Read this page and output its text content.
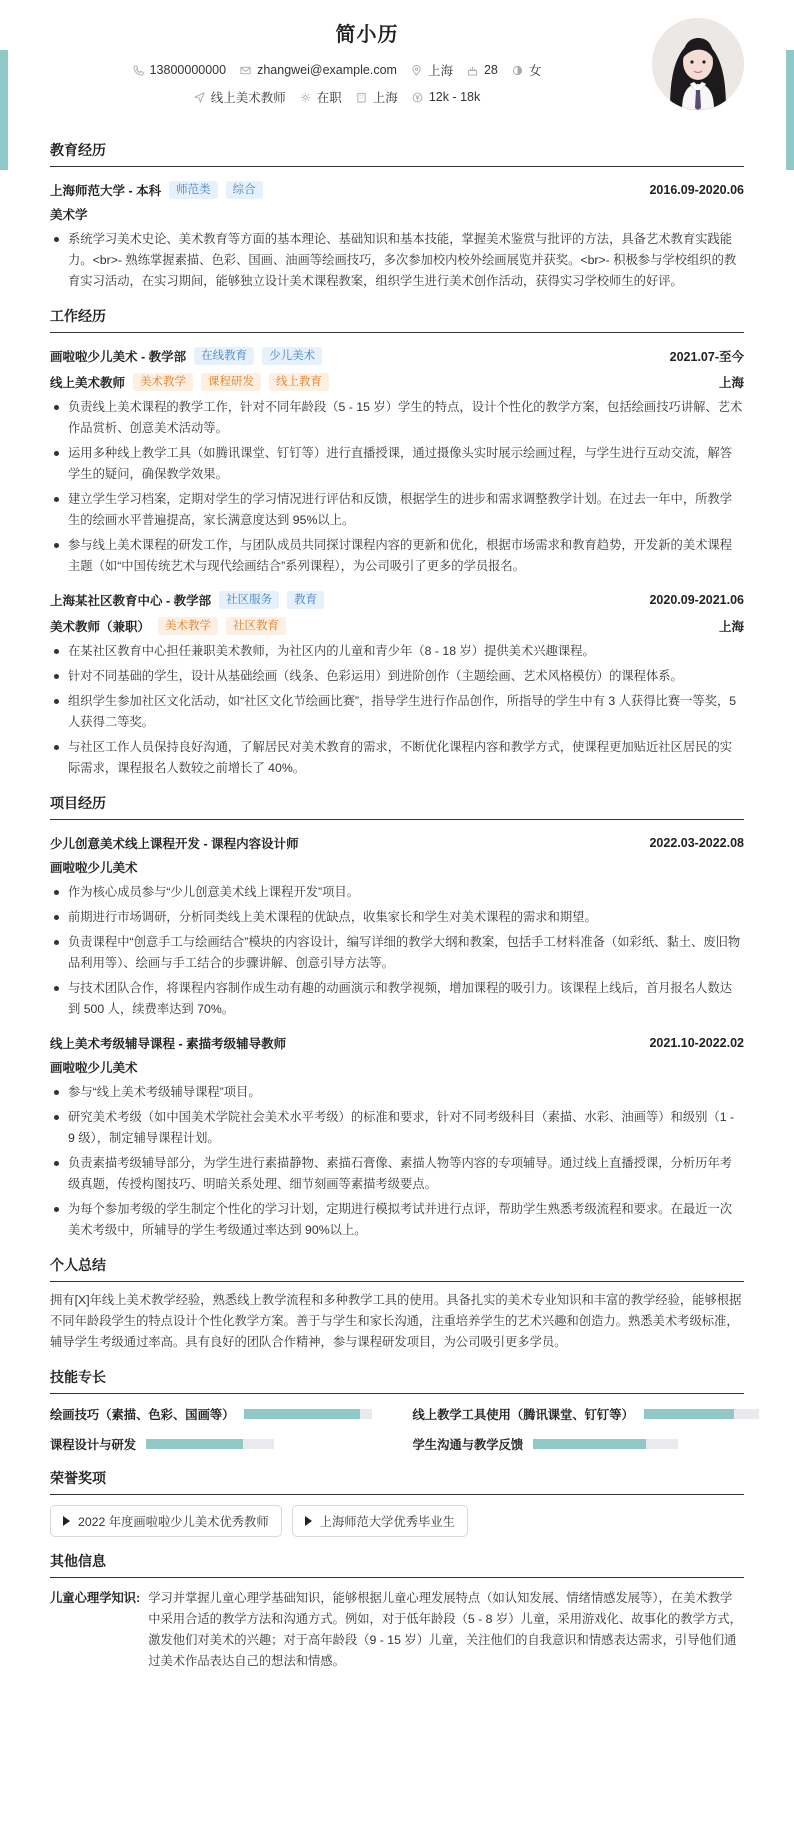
简小历
13800000000 zhangwei@example.com 上海 28 女
线上美术教师 在职 上海 12k - 18k
教育经历
上海师范大学 - 本科	师范类	综合	2016.09-2020.06
美术学
系统学习美术史论、美术教育等方面的基本理论、基础知识和基本技能，掌握美术鉴赏与批评的方法，具备艺术教育实践能力。<br>- 熟练掌握素描、色彩、国画、油画等绘画技巧，多次参加校内校外绘画展览并获奖。<br>- 积极参与学校组织的教育实习活动，在实习期间，能够独立设计美术课程教案，组织学生进行美术创作活动，获得实习学校师生的好评。
工作经历
画啦啦少儿美术 - 教学部	在线教育	少儿美术	2021.07-至今
线上美术教师	美术教学	课程研发	线上教育	上海
负责线上美术课程的教学工作，针对不同年龄段（5 - 15 岁）学生的特点，设计个性化的教学方案，包括绘画技巧讲解、艺术作品赏析、创意美术活动等。
运用多种线上教学工具（如腾讯课堂、钉钉等）进行直播授课，通过摄像头实时展示绘画过程，与学生进行互动交流，解答学生的疑问，确保教学效果。
建立学生学习档案，定期对学生的学习情况进行评估和反馈，根据学生的进步和需求调整教学计划。在过去一年中，所教学生的绘画水平普遍提高，家长满意度达到 95%以上。
参与线上美术课程的研发工作，与团队成员共同探讨课程内容的更新和优化，根据市场需求和教育趋势，开发新的美术课程主题（如“中国传统艺术与现代绘画结合”系列课程），为公司吸引了更多的学员报名。
上海某社区教育中心 - 教学部	社区服务	教育	2020.09-2021.06
美术教师（兼职）	美术教学	社区教育	上海
在某社区教育中心担任兼职美术教师，为社区内的儿童和青少年（8 - 18 岁）提供美术兴趣课程。
针对不同基础的学生，设计从基础绘画（线条、色彩运用）到进阶创作（主题绘画、艺术风格模仿）的课程体系。
组织学生参加社区文化活动，如“社区文化节绘画比赛”，指导学生进行作品创作，所指导的学生中有 3 人获得比赛一等奖，5 人获得二等奖。
与社区工作人员保持良好沟通，了解居民对美术教育的需求，不断优化课程内容和教学方式，使课程更加贴近社区居民的实际需求，课程报名人数较之前增长了 40%。
项目经历
少儿创意美术线上课程开发 - 课程内容设计师	2022.03-2022.08
画啦啦少儿美术
作为核心成员参与“少儿创意美术线上课程开发”项目。
前期进行市场调研，分析同类线上美术课程的优缺点，收集家长和学生对美术课程的需求和期望。
负责课程中“创意手工与绘画结合”模块的内容设计，编写详细的教学大纲和教案，包括手工材料准备（如彩纸、黏土、废旧物品利用等）、绘画与手工结合的步骤讲解、创意引导方法等。
与技术团队合作，将课程内容制作成生动有趣的动画演示和教学视频，增加课程的吸引力。该课程上线后，首月报名人数达到 500 人，续费率达到 70%。
线上美术考级辅导课程 - 素描考级辅导教师	2021.10-2022.02
画啦啦少儿美术
参与“线上美术考级辅导课程”项目。
研究美术考级（如中国美术学院社会美术水平考级）的标准和要求，针对不同考级科目（素描、水彩、油画等）和级别（1 - 9 级），制定辅导课程计划。
负责素描考级辅导部分，为学生进行素描静物、素描石膏像、素描人物等内容的专项辅导。通过线上直播授课，分析历年考级真题，传授构图技巧、明暗关系处理、细节刻画等素描考级要点。
为每个参加考级的学生制定个性化的学习计划，定期进行模拟考试并进行点评，帮助学生熟悉考级流程和要求。在最近一次美术考级中，所辅导的学生考级通过率达到 90%以上。
个人总结
拥有[X]年线上美术教学经验，熟悉线上教学流程和多种教学工具的使用。具备扎实的美术专业知识和丰富的教学经验，能够根据不同年龄段学生的特点设计个性化教学方案。善于与学生和家长沟通，注重培养学生的艺术兴趣和创造力。熟悉美术考级标准，辅导学生考级通过率高。具有良好的团队合作精神，参与课程研发项目，为公司吸引更多学员。
技能专长
绘画技巧（素描、色彩、国画等）	线上教学工具使用（腾讯课堂、钉钉等）
课程设计与研发	学生沟通与教学反馈
荣誉奖项
2022 年度画啦啦少儿美术优秀教师	上海师范大学优秀毕业生
其他信息
儿童心理学知识: 学习并掌握儿童心理学基础知识，能够根据儿童心理发展特点（如认知发展、情绪情感发展等），在美术教学中采用合适的教学方法和沟通方式。例如，对于低年龄段（5 - 8 岁）儿童，采用游戏化、故事化的教学方式，激发他们对美术的兴趣；对于高年龄段（9 - 15 岁）儿童，关注他们的自我意识和情感表达需求，引导他们通过美术作品表达自己的想法和情感。
